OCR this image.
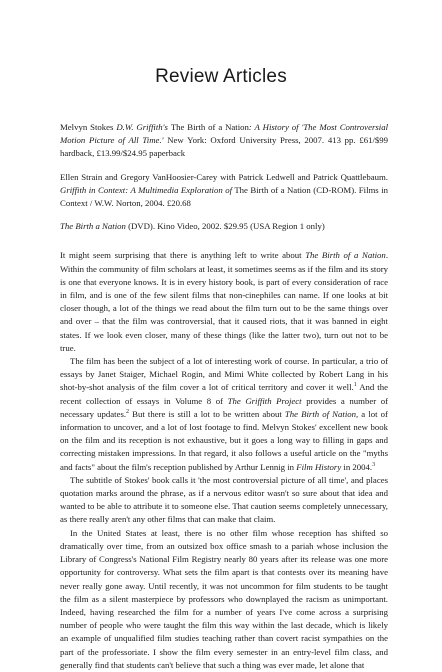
Review Articles

Melvyn Stokes D.W. Griffith's The Birth of a Nation: A History of 'The Most Controversial Motion Picture of All Time.' New York: Oxford University Press, 2007. 413 pp. £61/$99 hardback, £13.99/$24.95 paperback

Ellen Strain and Gregory VanHoosier-Carey with Patrick Ledwell and Patrick Quattlebaum. Griffith in Context: A Multimedia Exploration of The Birth of a Nation (CD-ROM). Films in Context / W.W. Norton, 2004. £20.68

The Birth a Nation (DVD). Kino Video, 2002. $29.95 (USA Region 1 only)

It might seem surprising that there is anything left to write about The Birth of a Nation. Within the community of film scholars at least, it sometimes seems as if the film and its story is one that everyone knows. It is in every history book, is part of every consideration of race in film, and is one of the few silent films that non-cinephiles can name. If one looks at bit closer though, a lot of the things we read about the film turn out to be the same things over and over – that the film was controversial, that it caused riots, that it was banned in eight states. If we look even closer, many of these things (like the latter two), turn out not to be true.

The film has been the subject of a lot of interesting work of course. In particular, a trio of essays by Janet Staiger, Michael Rogin, and Mimi White collected by Robert Lang in his shot-by-shot analysis of the film cover a lot of critical territory and cover it well.$^1$ And the recent collection of essays in Volume 8 of The Griffith Project provides a number of necessary updates.$^2$ But there is still a lot to be written about The Birth of Nation, a lot of information to uncover, and a lot of lost footage to find. Melvyn Stokes' excellent new book on the film and its reception is not exhaustive, but it goes a long way to filling in gaps and correcting mistaken impressions. In that regard, it also follows a useful article on the "myths and facts" about the film's reception published by Arthur Lennig in Film History in 2004.$^3$

The subtitle of Stokes' book calls it 'the most controversial picture of all time', and places quotation marks around the phrase, as if a nervous editor wasn't so sure about that idea and wanted to be able to attribute it to someone else. That caution seems completely unnecessary, as there really aren't any other films that can make that claim.

In the United States at least, there is no other film whose reception has shifted so dramatically over time, from an outsized box office smash to a pariah whose inclusion the Library of Congress's National Film Registry nearly 80 years after its release was one more opportunity for controversy. What sets the film apart is that contests over its meaning have never really gone away. Until recently, it was not uncommon for film students to be taught the film as a silent masterpiece by professors who downplayed the racism as unimportant. Indeed, having researched the film for a number of years I've come across a surprising number of people who were taught the film this way within the last decade, which is likely an example of unqualified film studies teaching rather than covert racist sympathies on the part of the professoriate. I show the film every semester in an entry-level film class, and generally find that students can't believe that such a thing was ever made, let alone that
